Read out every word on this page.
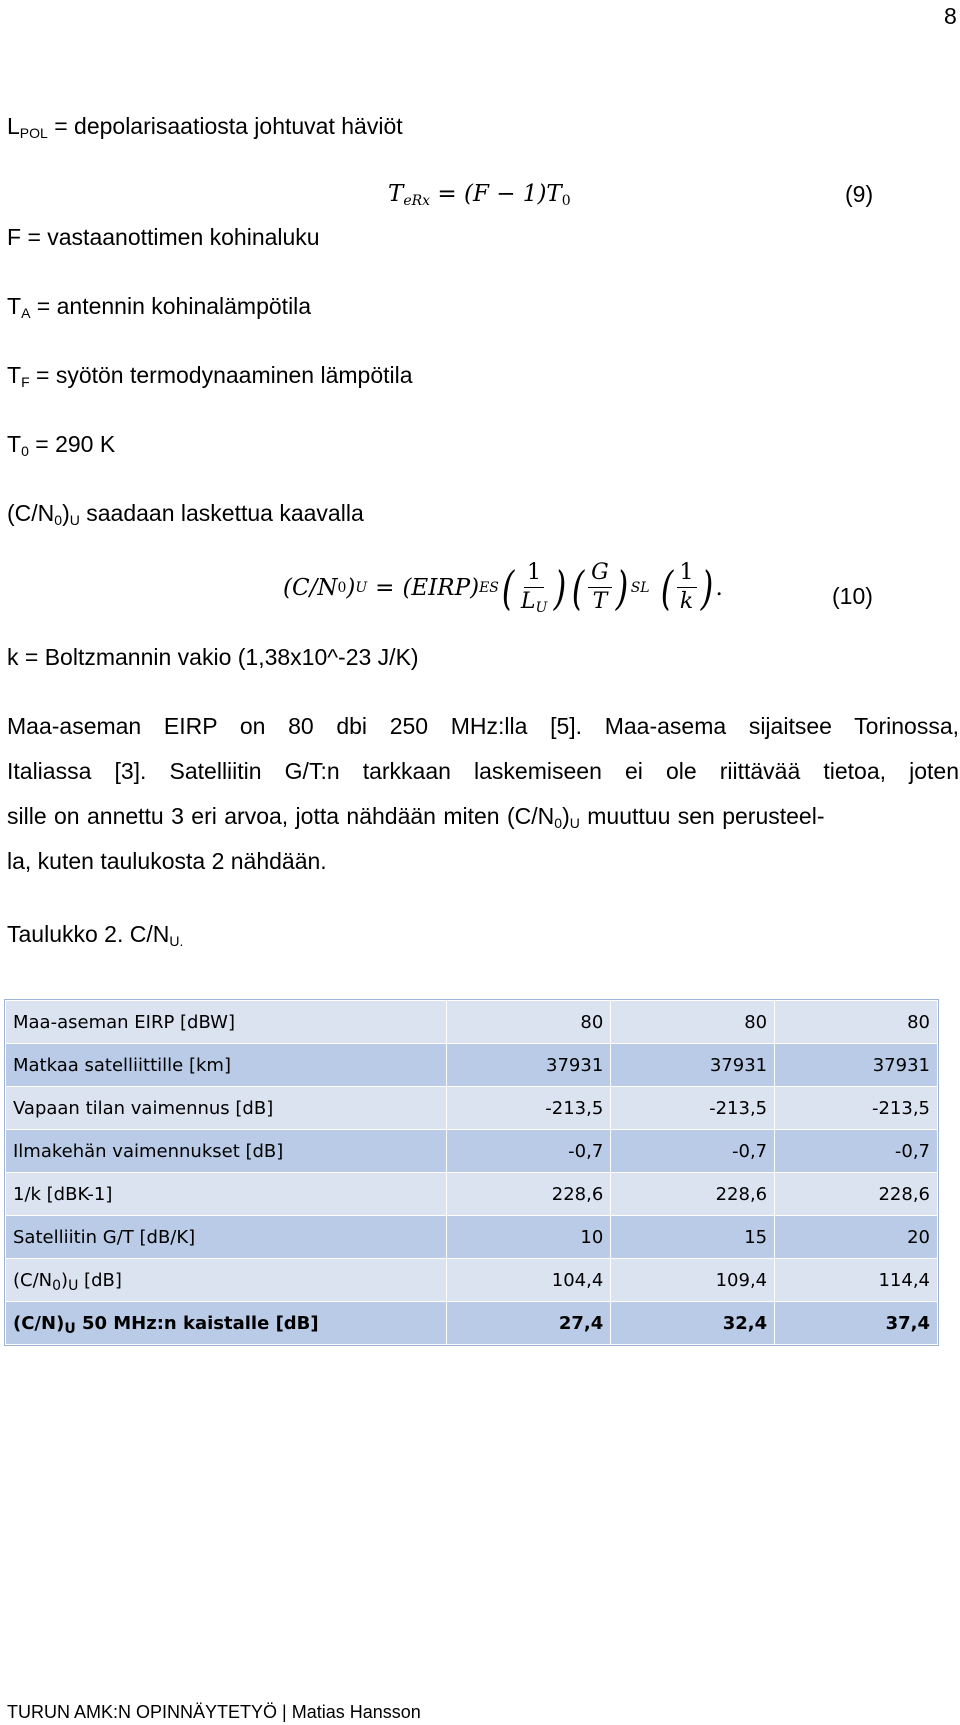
8
$L_{POL}$ = depolarisaatiosta johtuvat häviöt
$T_{eRx} = (F - 1)T_0$	(9)
F = vastaanottimen kohinaluku
$T_A$ = antennin kohinalämpötila
$T_F$ = syötön termodynaaminen lämpötila
$T_0 = 290$ K
$(C/N_0)_U$ saadaan laskettua kaavalla
(C/N 0 ) U = (EIRP) ES ( $\frac{1}{L_U}$ ) ( $\frac{G}{T}$ ) SL ( $\frac{1}{k}$ ) .	(10)
k = Boltzmannin vakio (1,38x10^-23 J/K)
Maa-aseman EIRP on 80 dbi 250 MHz:lla [5]. Maa-asema sijaitsee Torinossa,
Italiassa [3]. Satelliitin G/T:n tarkkaan laskemiseen ei ole riittävää tietoa, joten
sille on annettu 3 eri arvoa, jotta nähdään miten $(C/N_0)_U$ muuttuu sen perusteel-
la, kuten taulukosta 2 nähdään.
Taulukko 2. $C/N_{U.}$
Maa-aseman EIRP [dBW]	80	80	80
Matkaa satelliittille [km]	37931	37931	37931
Vapaan tilan vaimennus [dB]	-213,5	-213,5	-213,5
Ilmakehän vaimennukset [dB]	-0,7	-0,7	-0,7
1/k [dBK-1]	228,6	228,6	228,6
Satelliitin G/T [dB/K]	10	15	20
$(C/N_0)_U$ [dB]	104,4	109,4	114,4
$(C/N)_U$ 50 MHz:n kaistalle [dB]	27,4	32,4	37,4
TURUN AMK:N OPINNÄYTETYÖ | Matias Hansson
